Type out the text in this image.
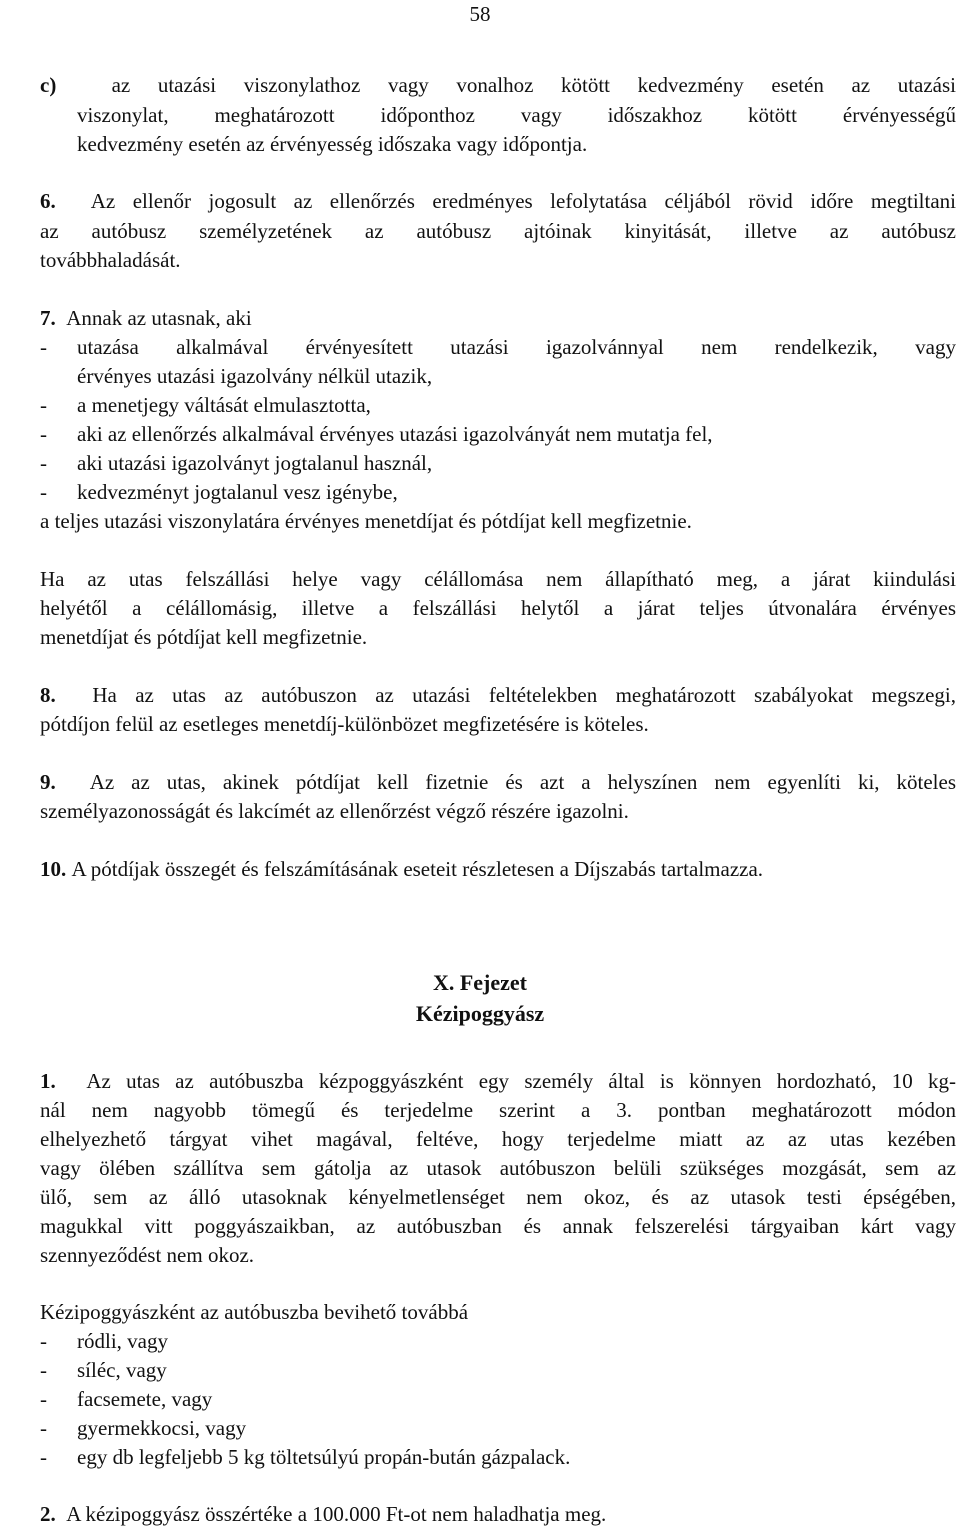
58
c)	az utazási viszonylathoz vagy vonalhoz kötött kedvezmény esetén az utazási
viszonylat, meghatározott időponthoz vagy időszakhoz kötött érvényességű
kedvezmény esetén az érvényesség időszaka vagy időpontja.
6. Az ellenőr jogosult az ellenőrzés eredményes lefolytatása céljából rövid időre megtiltani
az autóbusz személyzetének az autóbusz ajtóinak kinyitását, illetve az autóbusz
továbbhaladását.
7. Annak az utasnak, aki
- utazása alkalmával érvényesített utazási igazolvánnyal nem rendelkezik, vagy
érvényes utazási igazolvány nélkül utazik,
- a menetjegy váltását elmulasztotta,
- aki az ellenőrzés alkalmával érvényes utazási igazolványát nem mutatja fel,
- aki utazási igazolványt jogtalanul használ,
- kedvezményt jogtalanul vesz igénybe,
a teljes utazási viszonylatára érvényes menetdíjat és pótdíjat kell megfizetnie.
Ha az utas felszállási helye vagy célállomása nem állapítható meg, a járat kiindulási
helyétől a célállomásig, illetve a felszállási helytől a járat teljes útvonalára érvényes
menetdíjat és pótdíjat kell megfizetnie.
8. Ha az utas az autóbuszon az utazási feltételekben meghatározott szabályokat megszegi,
pótdíjon felül az esetleges menetdíj-különbözet megfizetésére is köteles.
9. Az az utas, akinek pótdíjat kell fizetnie és azt a helyszínen nem egyenlíti ki, köteles
személyazonosságát és lakcímét az ellenőrzést végző részére igazolni.
10. A pótdíjak összegét és felszámításának eseteit részletesen a Díjszabás tartalmazza.
X. Fejezet
Kézipoggyász
1. Az utas az autóbuszba kézpoggyászként egy személy által is könnyen hordozható, 10 kg-
nál nem nagyobb tömegű és terjedelme szerint a 3. pontban meghatározott módon
elhelyezhető tárgyat vihet magával, feltéve, hogy terjedelme miatt az az utas kezében
vagy ölében szállítva sem gátolja az utasok autóbuszon belüli szükséges mozgását, sem az
ülő, sem az álló utasoknak kényelmetlenséget nem okoz, és az utasok testi épségében,
magukkal vitt poggyászaikban, az autóbuszban és annak felszerelési tárgyaiban kárt vagy
szennyeződést nem okoz.
Kézipoggyászként az autóbuszba bevihető továbbá
- ródli, vagy
- síléc, vagy
- facsemete, vagy
- gyermekkocsi, vagy
- egy db legfeljebb 5 kg töltetsúlyú propán-bután gázpalack.
2. A kézipoggyász összértéke a 100.000 Ft-ot nem haladhatja meg.
